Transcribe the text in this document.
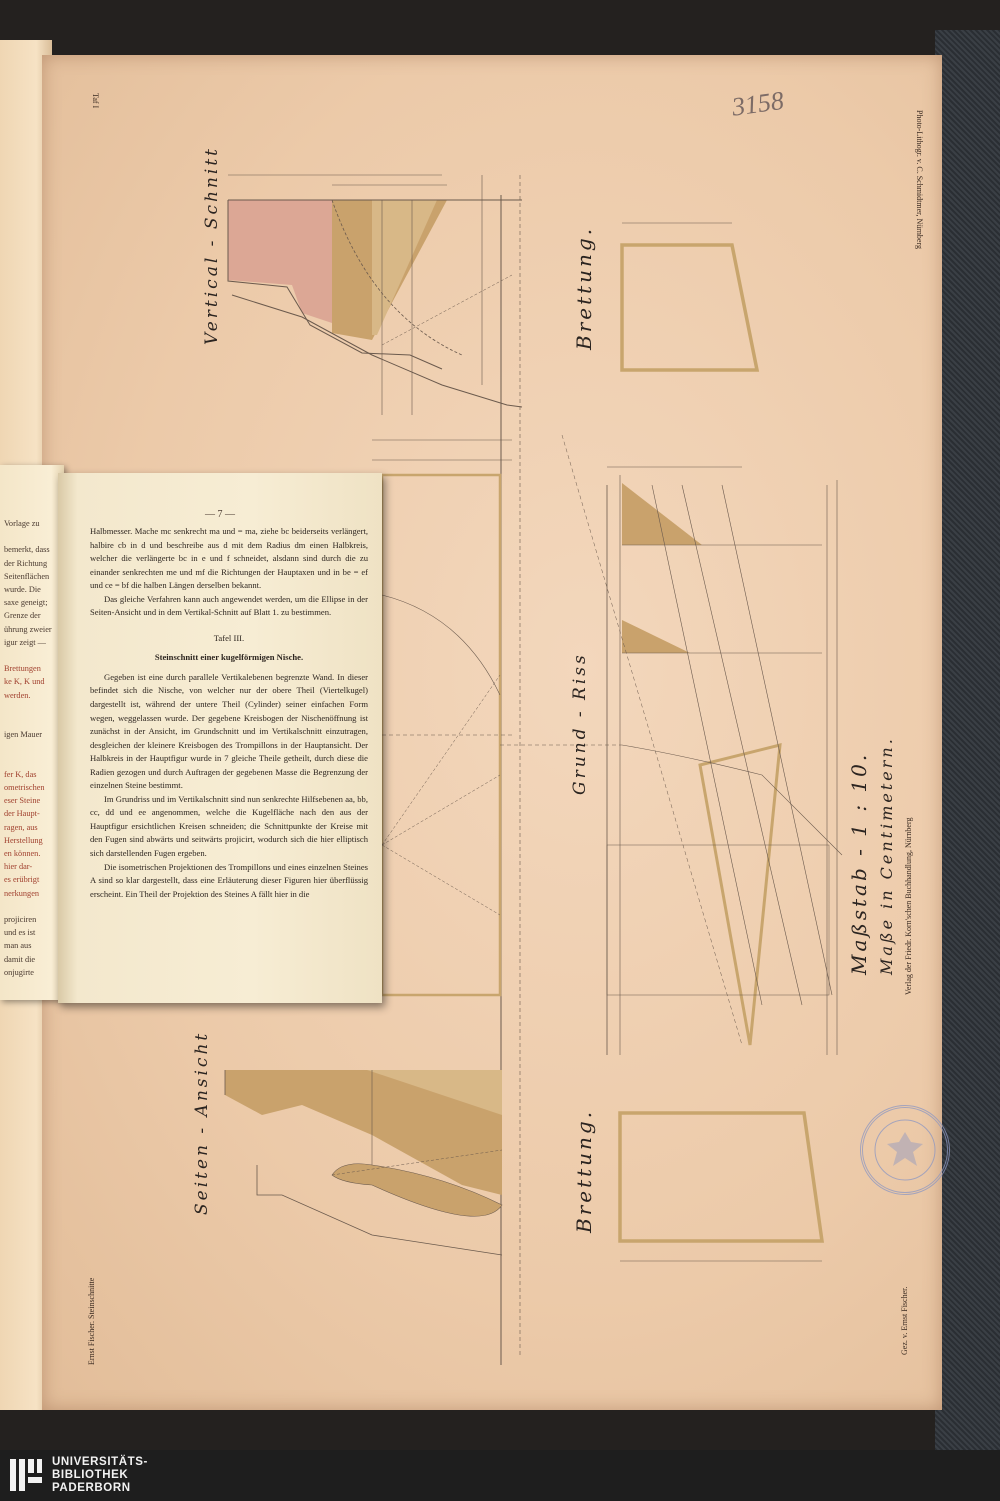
Taf I	3158
Photo-Lithogr. v. C. Schmidtmer, Nürnberg
Ernst Fischer. Steinschnitte	Gez. v. Ernst Fischer.
Verlag der Friedr. Korn'schen Buchhandlung, Nürnberg
Maßstab - 1 : 10. Maße in Centimetern.
Vertical - Schnitt
Grund - Riss
Seiten - Ansicht
Brettung.
Brettung.
Vorlage zu
bemerkt, dass
der Richtung
Seitenflächen
wurde. Die
saxe geneigt;
Grenze der
ührung zweier
igur zeigt —
Brettungen
ke K, K und
werden.
igen Mauer
fer K, das
ometrischen
eser Steine
der Haupt-
ragen, aus
Herstellung
en können.
hier dar-
es erübrigt
nerkungen
projiciren
und es ist
man aus
damit die
onjugirte
— 7 —

Halbmesser. Mache mc senkrecht ma und = ma, ziehe bc beiderseits verlängert, halbire cb in d und beschreibe aus d mit dem Radius dm einen Halbkreis, welcher die verlängerte bc in e und f schneidet, alsdann sind durch die zu einander senkrechten me und mf die Richtungen der Hauptaxen und in be = ef und ce = bf die halben Längen derselben bekannt.

Das gleiche Verfahren kann auch angewendet werden, um die Ellipse in der Seiten-Ansicht und in dem Vertikal-Schnitt auf Blatt 1. zu bestimmen.

Tafel III.

Steinschnitt einer kugelförmigen Nische.

Gegeben ist eine durch parallele Vertikalebenen begrenzte Wand. In dieser befindet sich die Nische, von welcher nur der obere Theil (Viertelkugel) dargestellt ist, während der untere Theil (Cylinder) seiner einfachen Form wegen, weggelassen wurde. Der gegebene Kreisbogen der Nischenöffnung ist zunächst in der Ansicht, im Grundschnitt und im Vertikalschnitt einzutragen, desgleichen der kleinere Kreisbogen des Trompillons in der Hauptansicht. Der Halbkreis in der Hauptfigur wurde in 7 gleiche Theile getheilt, durch diese die Radien gezogen und durch Auftragen der gegebenen Masse die Begrenzung der einzelnen Steine bestimmt.

Im Grundriss und im Vertikalschnitt sind nun senkrechte Hilfsebenen aa, bb, cc, dd und ee angenommen, welche die Kugelfläche nach den aus der Hauptfigur ersichtlichen Kreisen schneiden; die Schnittpunkte der Kreise mit den Fugen sind abwärts und seitwärts projicirt, wodurch sich die hier elliptisch sich darstellenden Fugen ergeben.

Die isometrischen Projektionen des Trompillons und eines einzelnen Steines A sind so klar dargestellt, dass eine Erläuterung dieser Figuren hier überflüssig erscheint. Ein Theil der Projektion des Steines A fällt hier in die

UNIVERSITÄTS-
BIBLIOTHEK
PADERBORN
